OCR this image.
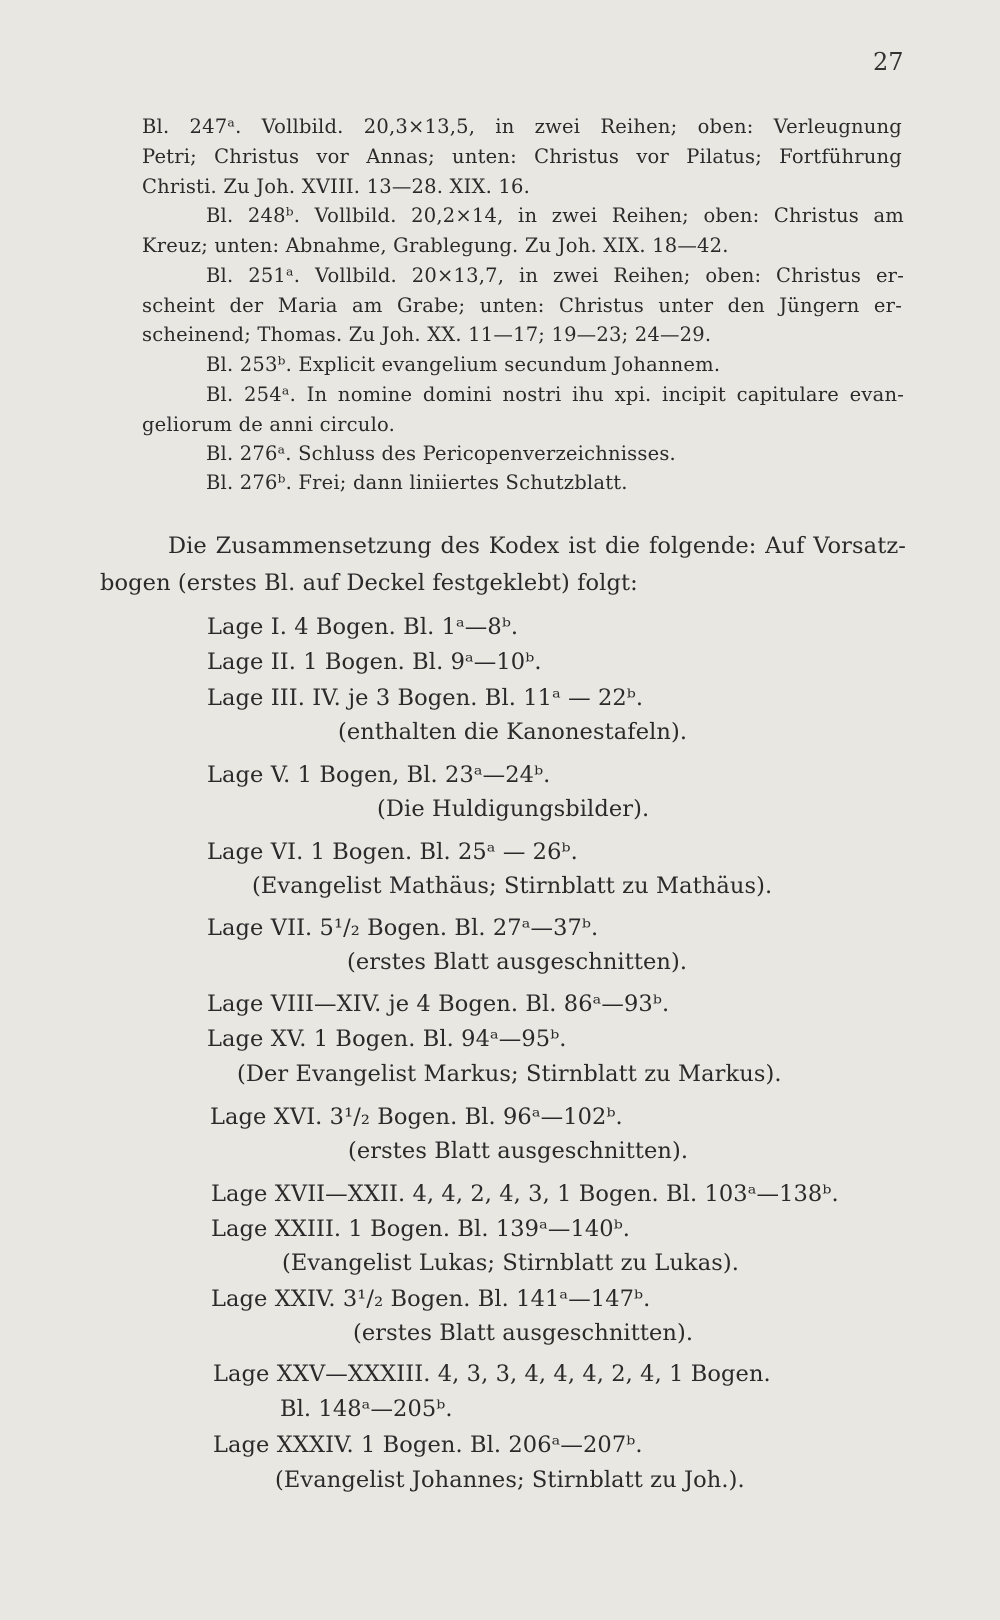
27
Bl. 247ᵃ. Vollbild. 20,3×13,5, in zwei Reihen; oben: Verleugnung
Petri; Christus vor Annas; unten: Christus vor Pilatus; Fortführung
Christi. Zu Joh. XVIII. 13—28. XIX. 16.
Bl. 248ᵇ. Vollbild. 20,2×14, in zwei Reihen; oben: Christus am
Kreuz; unten: Abnahme, Grablegung. Zu Joh. XIX. 18—42.
Bl. 251ᵃ. Vollbild. 20×13,7, in zwei Reihen; oben: Christus er-
scheint der Maria am Grabe; unten: Christus unter den Jüngern er-
scheinend; Thomas. Zu Joh. XX. 11—17; 19—23; 24—29.
Bl. 253ᵇ. Explicit evangelium secundum Johannem.
Bl. 254ᵃ. In nomine domini nostri ihu xpi. incipit capitulare evan-
geliorum de anni circulo.
Bl. 276ᵃ. Schluss des Pericopenverzeichnisses.
Bl. 276ᵇ. Frei; dann liniiertes Schutzblatt.
Die Zusammensetzung des Kodex ist die folgende: Auf Vorsatz-
bogen (erstes Bl. auf Deckel festgeklebt) folgt:
Lage I. 4 Bogen. Bl. 1ᵃ—8ᵇ.
Lage II. 1 Bogen. Bl. 9ᵃ—10ᵇ.
Lage III. IV. je 3 Bogen. Bl. 11ᵃ — 22ᵇ.
(enthalten die Kanonestafeln).
Lage V. 1 Bogen, Bl. 23ᵃ—24ᵇ.
(Die Huldigungsbilder).
Lage VI. 1 Bogen. Bl. 25ᵃ — 26ᵇ.
(Evangelist Mathäus; Stirnblatt zu Mathäus).
Lage VII. 5¹/₂ Bogen. Bl. 27ᵃ—37ᵇ.
(erstes Blatt ausgeschnitten).
Lage VIII—XIV. je 4 Bogen. Bl. 86ᵃ—93ᵇ.
Lage XV. 1 Bogen. Bl. 94ᵃ—95ᵇ.
(Der Evangelist Markus; Stirnblatt zu Markus).
Lage XVI. 3¹/₂ Bogen. Bl. 96ᵃ—102ᵇ.
(erstes Blatt ausgeschnitten).
Lage XVII—XXII. 4, 4, 2, 4, 3, 1 Bogen. Bl. 103ᵃ—138ᵇ.
Lage XXIII. 1 Bogen. Bl. 139ᵃ—140ᵇ.
(Evangelist Lukas; Stirnblatt zu Lukas).
Lage XXIV. 3¹/₂ Bogen. Bl. 141ᵃ—147ᵇ.
(erstes Blatt ausgeschnitten).
Lage XXV—XXXIII. 4, 3, 3, 4, 4, 4, 2, 4, 1 Bogen.
Bl. 148ᵃ—205ᵇ.
Lage XXXIV. 1 Bogen. Bl. 206ᵃ—207ᵇ.
(Evangelist Johannes; Stirnblatt zu Joh.).
